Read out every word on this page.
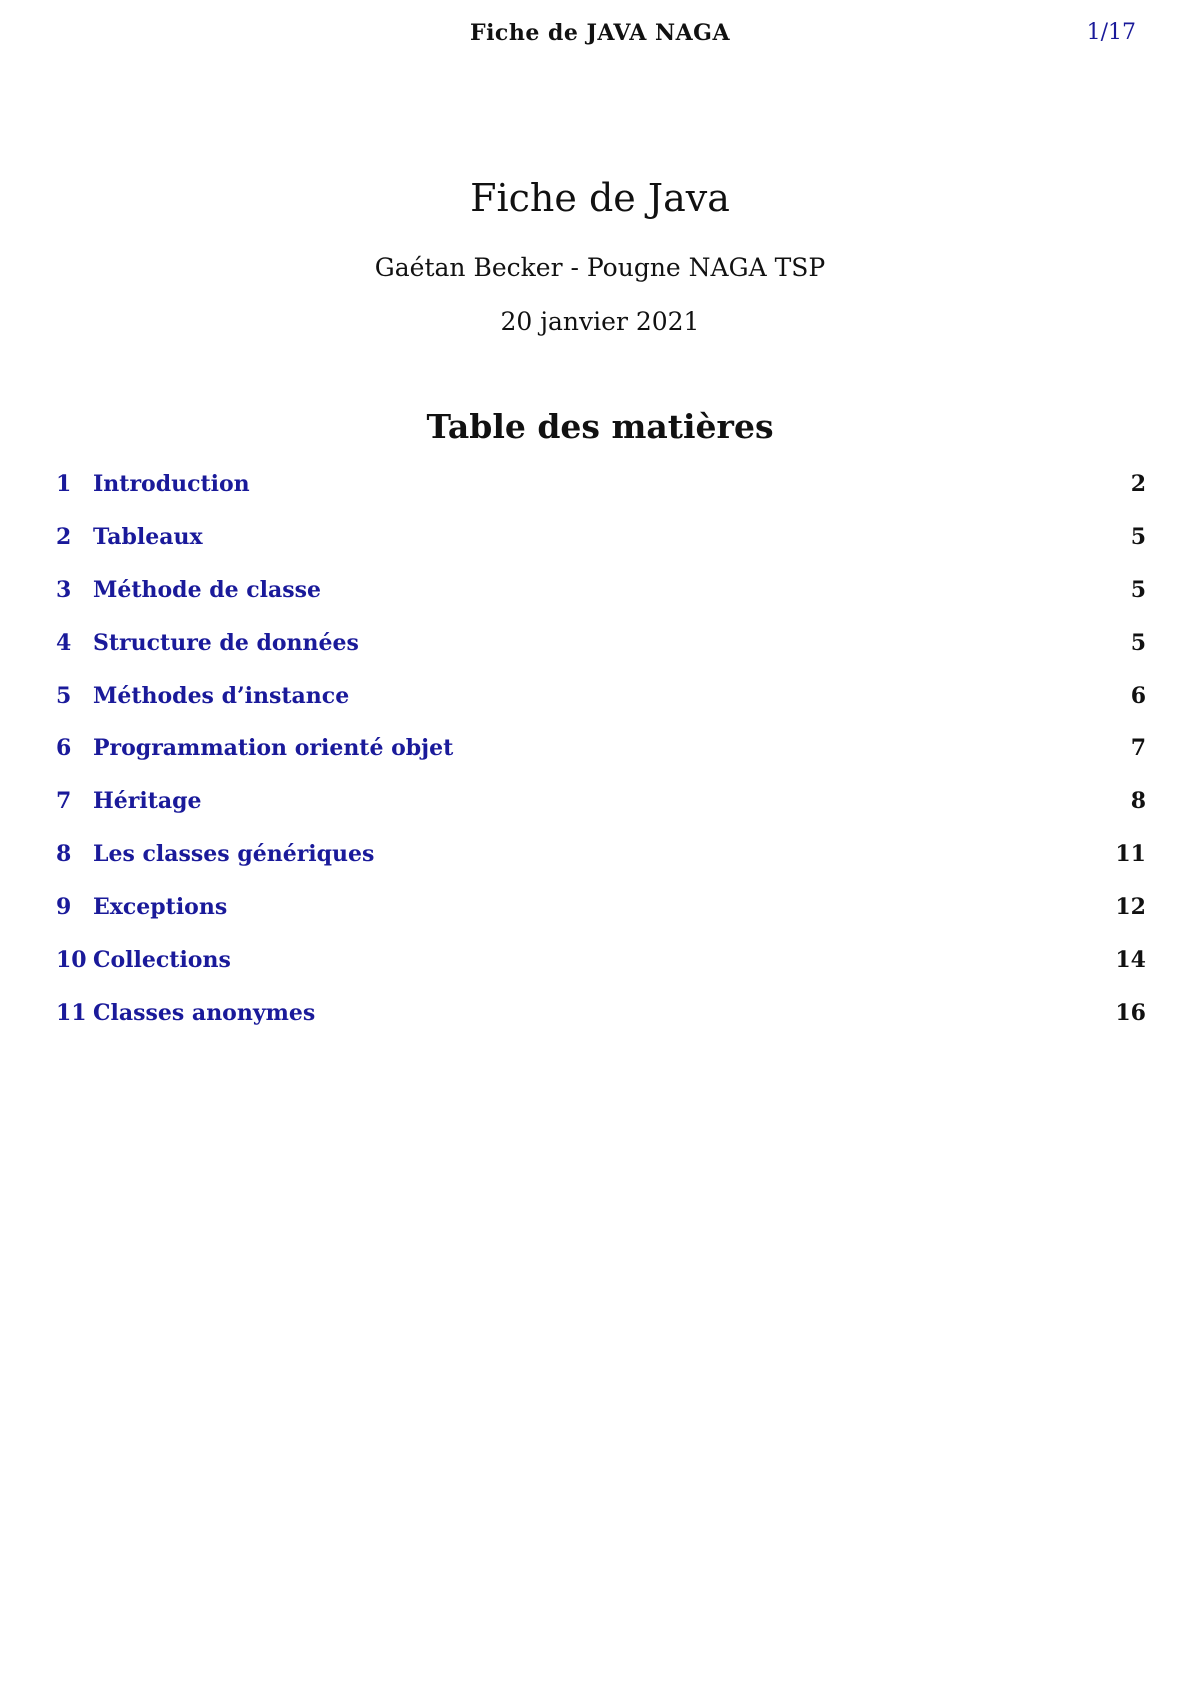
Fiche de JAVA NAGA	1/17
Fiche de Java
Gaétan Becker - Pougne NAGA TSP
20 janvier 2021
Table des matières
1 Introduction	2
2 Tableaux	5
3 Méthode de classe	5
4 Structure de données	5
5 Méthodes d’instance	6
6 Programmation orienté objet	7
7 Héritage	8
8 Les classes génériques	11
9 Exceptions	12
10 Collections	14
11 Classes anonymes	16
